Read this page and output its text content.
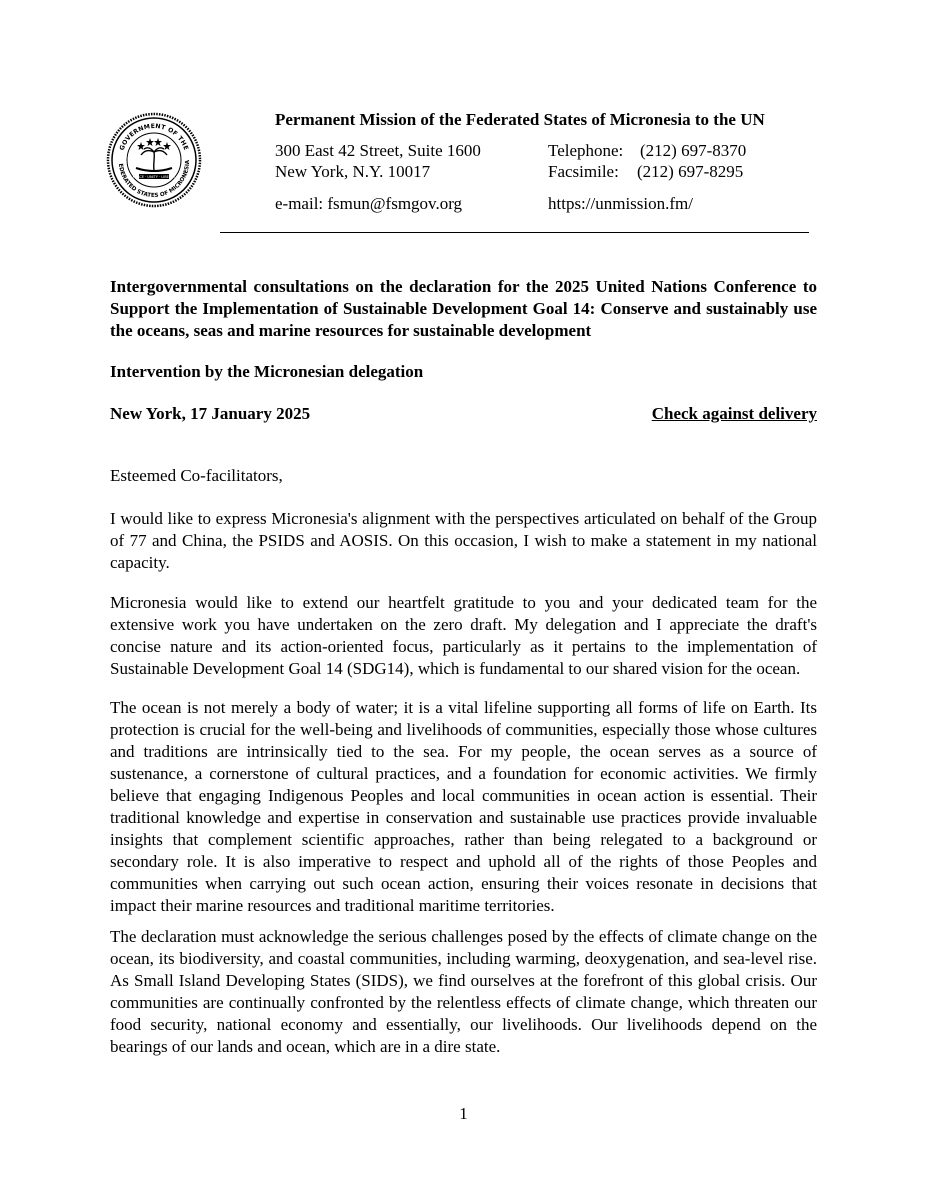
GOVERNMENT OF THE
EDERATED STATES OF MICRONESIA
PEACE · UNITY · LIBERTY
Permanent Mission of the Federated States of Micronesia to the UN
300 East 42 Street, Suite 1600
New York, N.Y. 10017
e-mail: fsmun@fsmgov.org
Telephone: (212) 697-8370
Facsimile: (212) 697-8295
https://unmission.fm/
Intergovernmental consultations on the declaration for the 2025 United Nations Conference to Support the Implementation of Sustainable Development Goal 14: Conserve and sustainably use the oceans, seas and marine resources for sustainable development
Intervention by the Micronesian delegation
New York, 17 January 2025	Check against delivery
Esteemed Co-facilitators,
I would like to express Micronesia's alignment with the perspectives articulated on behalf of the Group of 77 and China, the PSIDS and AOSIS. On this occasion, I wish to make a statement in my national capacity.
Micronesia would like to extend our heartfelt gratitude to you and your dedicated team for the extensive work you have undertaken on the zero draft. My delegation and I appreciate the draft's concise nature and its action-oriented focus, particularly as it pertains to the implementation of Sustainable Development Goal 14 (SDG14), which is fundamental to our shared vision for the ocean.
The ocean is not merely a body of water; it is a vital lifeline supporting all forms of life on Earth. Its protection is crucial for the well-being and livelihoods of communities, especially those whose cultures and traditions are intrinsically tied to the sea. For my people, the ocean serves as a source of sustenance, a cornerstone of cultural practices, and a foundation for economic activities. We firmly believe that engaging Indigenous Peoples and local communities in ocean action is essential. Their traditional knowledge and expertise in conservation and sustainable use practices provide invaluable insights that complement scientific approaches, rather than being relegated to a background or secondary role. It is also imperative to respect and uphold all of the rights of those Peoples and communities when carrying out such ocean action, ensuring their voices resonate in decisions that impact their marine resources and traditional maritime territories.
The declaration must acknowledge the serious challenges posed by the effects of climate change on the ocean, its biodiversity, and coastal communities, including warming, deoxygenation, and sea-level rise. As Small Island Developing States (SIDS), we find ourselves at the forefront of this global crisis. Our communities are continually confronted by the relentless effects of climate change, which threaten our food security, national economy and essentially, our livelihoods. Our livelihoods depend on the bearings of our lands and ocean, which are in a dire state.
1
